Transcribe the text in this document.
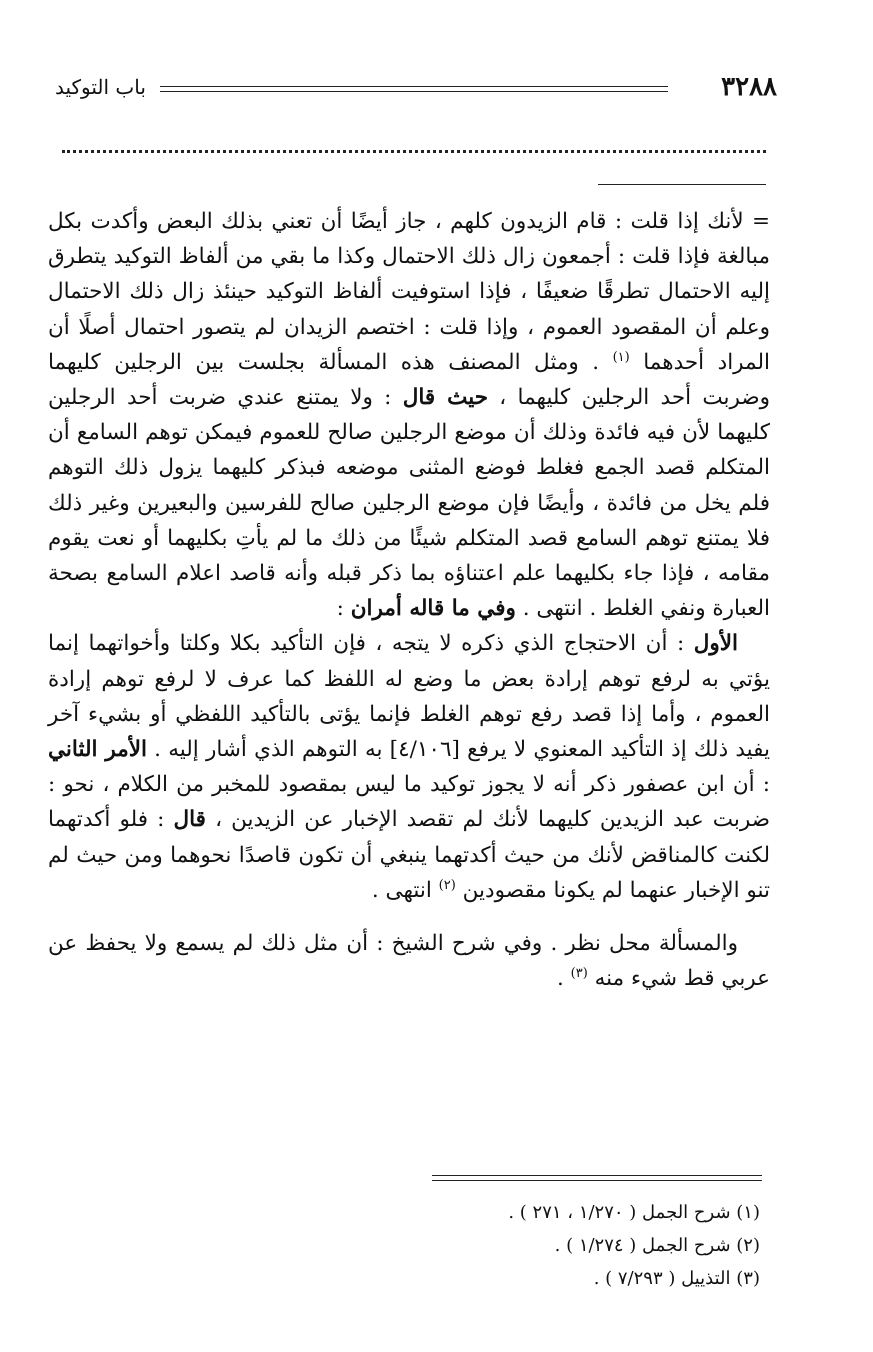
٣٢٨٨
باب التوكيد

= لأنك إذا قلت : قام الزيدون كلهم ، جاز أيضًا أن تعني بذلك البعض وأكدت بكل مبالغة فإذا قلت : أجمعون زال ذلك الاحتمال وكذا ما بقي من ألفاظ التوكيد يتطرق إليه الاحتمال تطرقًا ضعيفًا ، فإذا استوفيت ألفاظ التوكيد حينئذ زال ذلك الاحتمال وعلم أن المقصود العموم ، وإذا قلت : اختصم الزيدان لم يتصور احتمال أصلًا أن المراد أحدهما $^{(١)}$ . ومثل المصنف هذه المسألة بجلست بين الرجلين كليهما وضربت أحد الرجلين كليهما ، حيث قال : ولا يمتنع عندي ضربت أحد الرجلين كليهما لأن فيه فائدة وذلك أن موضع الرجلين صالح للعموم فيمكن توهم السامع أن المتكلم قصد الجمع فغلط فوضع المثنى موضعه فبذكر كليهما يزول ذلك التوهم فلم يخل من فائدة ، وأيضًا فإن موضع الرجلين صالح للفرسين والبعيرين وغير ذلك فلا يمتنع توهم السامع قصد المتكلم شيئًا من ذلك ما لم يأتِ بكليهما أو نعت يقوم مقامه ، فإذا جاء بكليهما علم اعتناؤه بما ذكر قبله وأنه قاصد اعلام السامع بصحة العبارة ونفي الغلط . انتهى . وفي ما قاله أمران :

الأول : أن الاحتجاج الذي ذكره لا يتجه ، فإن التأكيد بكلا وكلتا وأخواتهما إنما يؤتي به لرفع توهم إرادة بعض ما وضع له اللفظ كما عرف لا لرفع توهم إرادة العموم ، وأما إذا قصد رفع توهم الغلط فإنما يؤتى بالتأكيد اللفظي أو بشيء آخر يفيد ذلك إذ التأكيد المعنوي لا يرفع [٤/١٠٦] به التوهم الذي أشار إليه . الأمر الثاني : أن ابن عصفور ذكر أنه لا يجوز توكيد ما ليس بمقصود للمخبر من الكلام ، نحو : ضربت عبد الزيدين كليهما لأنك لم تقصد الإخبار عن الزيدين ، قال : فلو أكدتهما لكنت كالمناقض لأنك من حيث أكدتهما ينبغي أن تكون قاصدًا نحوهما ومن حيث لم تنو الإخبار عنهما لم يكونا مقصودين $^{(٢)}$ انتهى .

والمسألة محل نظر . وفي شرح الشيخ : أن مثل ذلك لم يسمع ولا يحفظ عن عربي قط شيء منه $^{(٣)}$ .

(١) شرح الجمل ( ١/٢٧٠ ، ٢٧١ ) .
(٢) شرح الجمل ( ١/٢٧٤ ) .
(٣) التذييل ( ٧/٢٩٣ ) .
